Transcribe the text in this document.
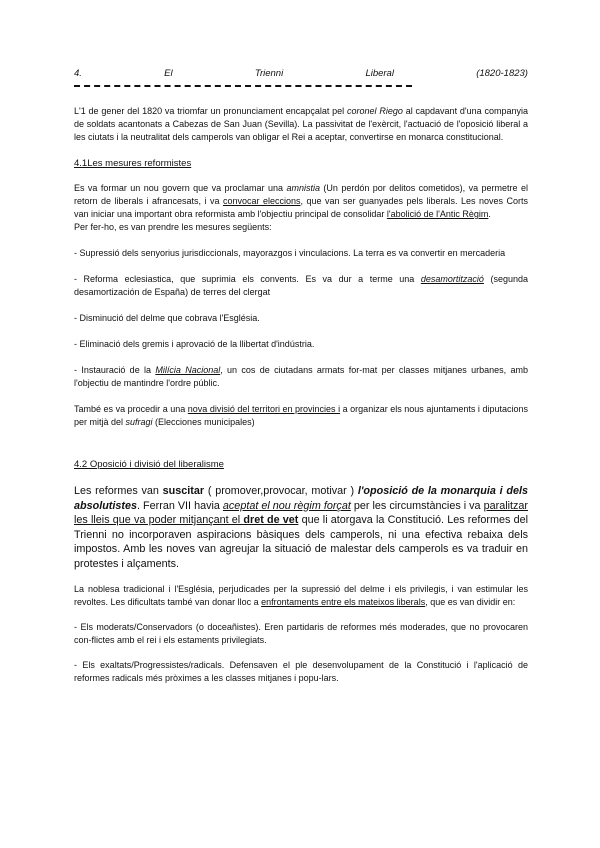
4.	El	Trienni	Liberal	(1820-1823)

L'1 de gener del 1820 va triomfar un pronunciament encapçalat pel coronel Riego al capdavant d'una companyia de soldats acantonats a Cabezas de San Juan (Sevilla). La passivitat de l'exèrcit, l'actuació de l'oposició liberal a les ciutats i la neutralitat dels camperols van obligar el Rei a aceptar, convertirse en monarca constitucional.

4.1Les mesures reformistes

Es va formar un nou govern que va proclamar una amnistia (Un perdón por delitos cometidos), va permetre el retorn de liberals i afrancesats, i va convocar eleccions, que van ser guanyades pels liberals. Les noves Corts van iniciar una important obra reformista amb l'objectiu principal de consolidar l'abolició de l'Antic Règim.
Per fer-ho, es van prendre les mesures següents:

- Supressió dels senyorius jurisdiccionals, mayorazgos i vinculacions. La terra es va convertir en mercaderia

- Reforma eclesiastica, que suprimia els convents. Es va dur a terme una desamortització (segunda desamortización de España) de terres del clergat

- Disminució del delme que cobrava l'Església.

- Eliminació dels gremis i aprovació de la llibertat d'indústria.

- Instauració de la Milícia Nacional, un cos de ciutadans armats for-mat per classes mitjanes urbanes, amb l'objectiu de mantindre l'ordre públic.

També es va procedir a una nova divisió del territori en provincies i a organizar els nous ajuntaments i diputacions per mitjà del sufragi (Elecciones municipales)

4.2 Oposició i divisió del liberalisme

Les reformes van suscitar ( promover,provocar, motivar ) l'oposició de la monarquia i dels absolutistes. Ferran VII havia aceptat el nou règim forçat per les circumstàncies i va paralitzar les lleis que va poder mitjançant el dret de vet que li atorgava la Constitució. Les reformes del Trienni no incorporaven aspiracions bàsiques dels camperols, ni una efectiva rebaixa dels impostos. Amb les noves van agreujar la situació de malestar dels camperols es va traduir en protestes i alçaments.

La noblesa tradicional i l'Església, perjudicades per la supressió del delme i els privilegis, i van estimular les revoltes. Les dificultats també van donar lloc a enfrontaments entre els mateixos liberals, que es van dividir en:

- Els moderats/Conservadors (o doceañistes). Eren partidaris de reformes més moderades, que no provocaren con-flictes amb el rei i els estaments privilegiats.

- Els exaltats/Progressistes/radicals. Defensaven el ple desenvolupament de la Constitució i l'aplicació de reformes radicals més pròximes a les classes mitjanes i popu-lars.
